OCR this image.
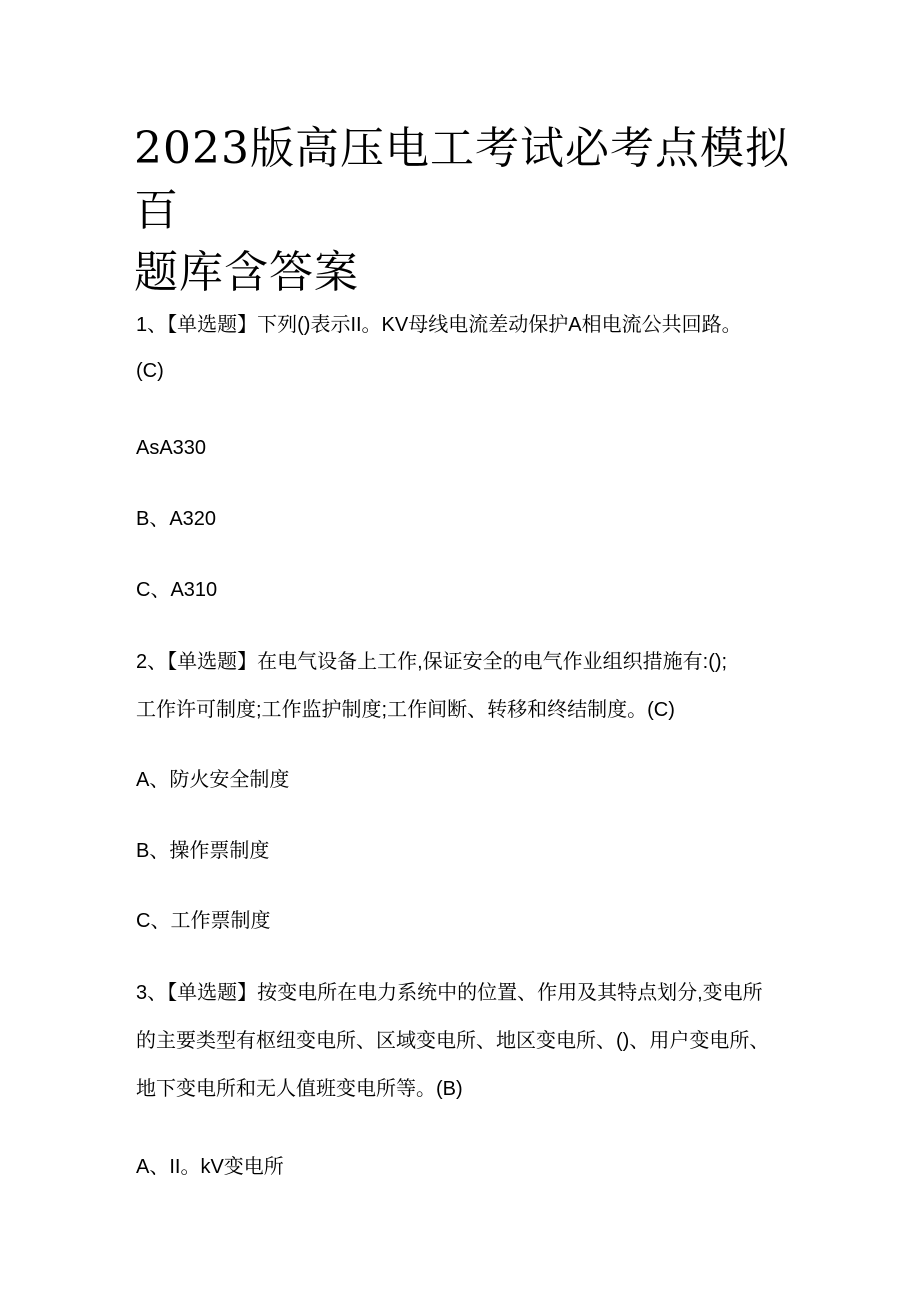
2023版高压电工考试必考点模拟百
题库含答案

1、【单选题】下列()表示II。KV母线电流差动保护A相电流公共回路。

(C)

AsA330

B、A320

C、A310

2、【单选题】在电气设备上工作,保证安全的电气作业组织措施有:();

工作许可制度;工作监护制度;工作间断、转移和终结制度。(C)

A、防火安全制度

B、操作票制度

C、工作票制度

3、【单选题】按变电所在电力系统中的位置、作用及其特点划分,变电所

的主要类型有枢纽变电所、区域变电所、地区变电所、()、用户变电所、

地下变电所和无人值班变电所等。(B)

A、II。kV变电所
